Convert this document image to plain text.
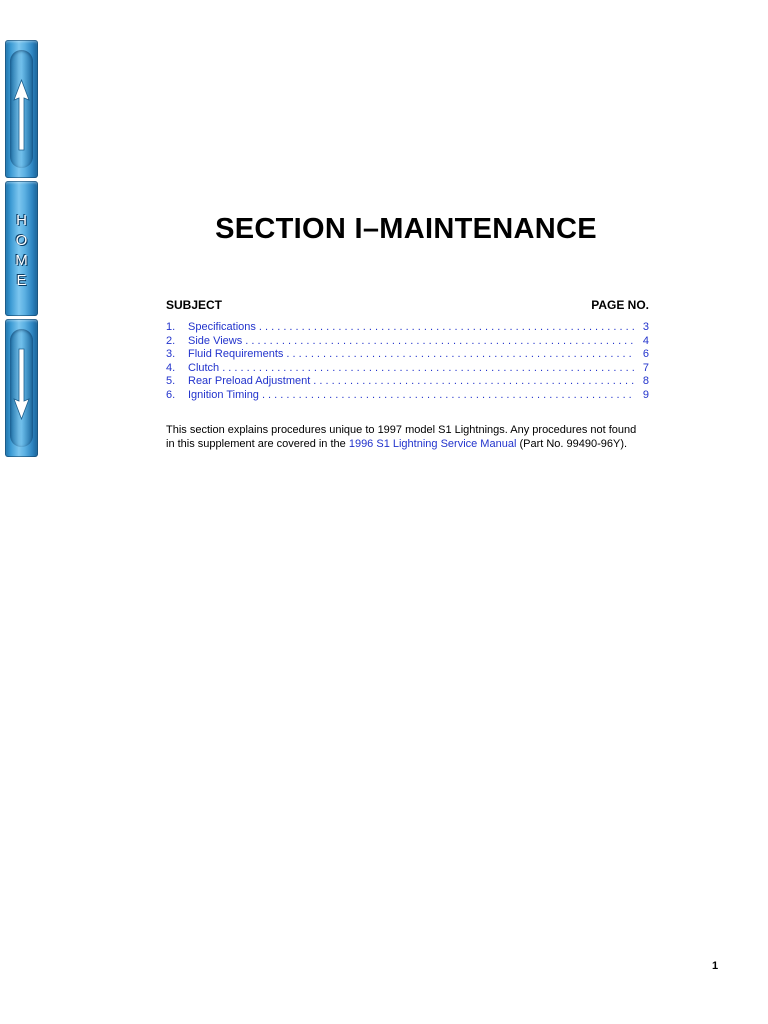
H
O
M
E
SECTION I–MAINTENANCE
SUBJECT	PAGE NO.
1.	Specifications . . .	3
2.	Side Views . . .	4
3.	Fluid Requirements . . .	6
4.	Clutch . . .	7
5.	Rear Preload Adjustment . . .	8
6.	Ignition Timing . . .	9

This section explains procedures unique to 1997 model S1 Lightnings. Any procedures not found
in this supplement are covered in the 1996 S1 Lightning Service Manual (Part No. 99490-96Y).

1
